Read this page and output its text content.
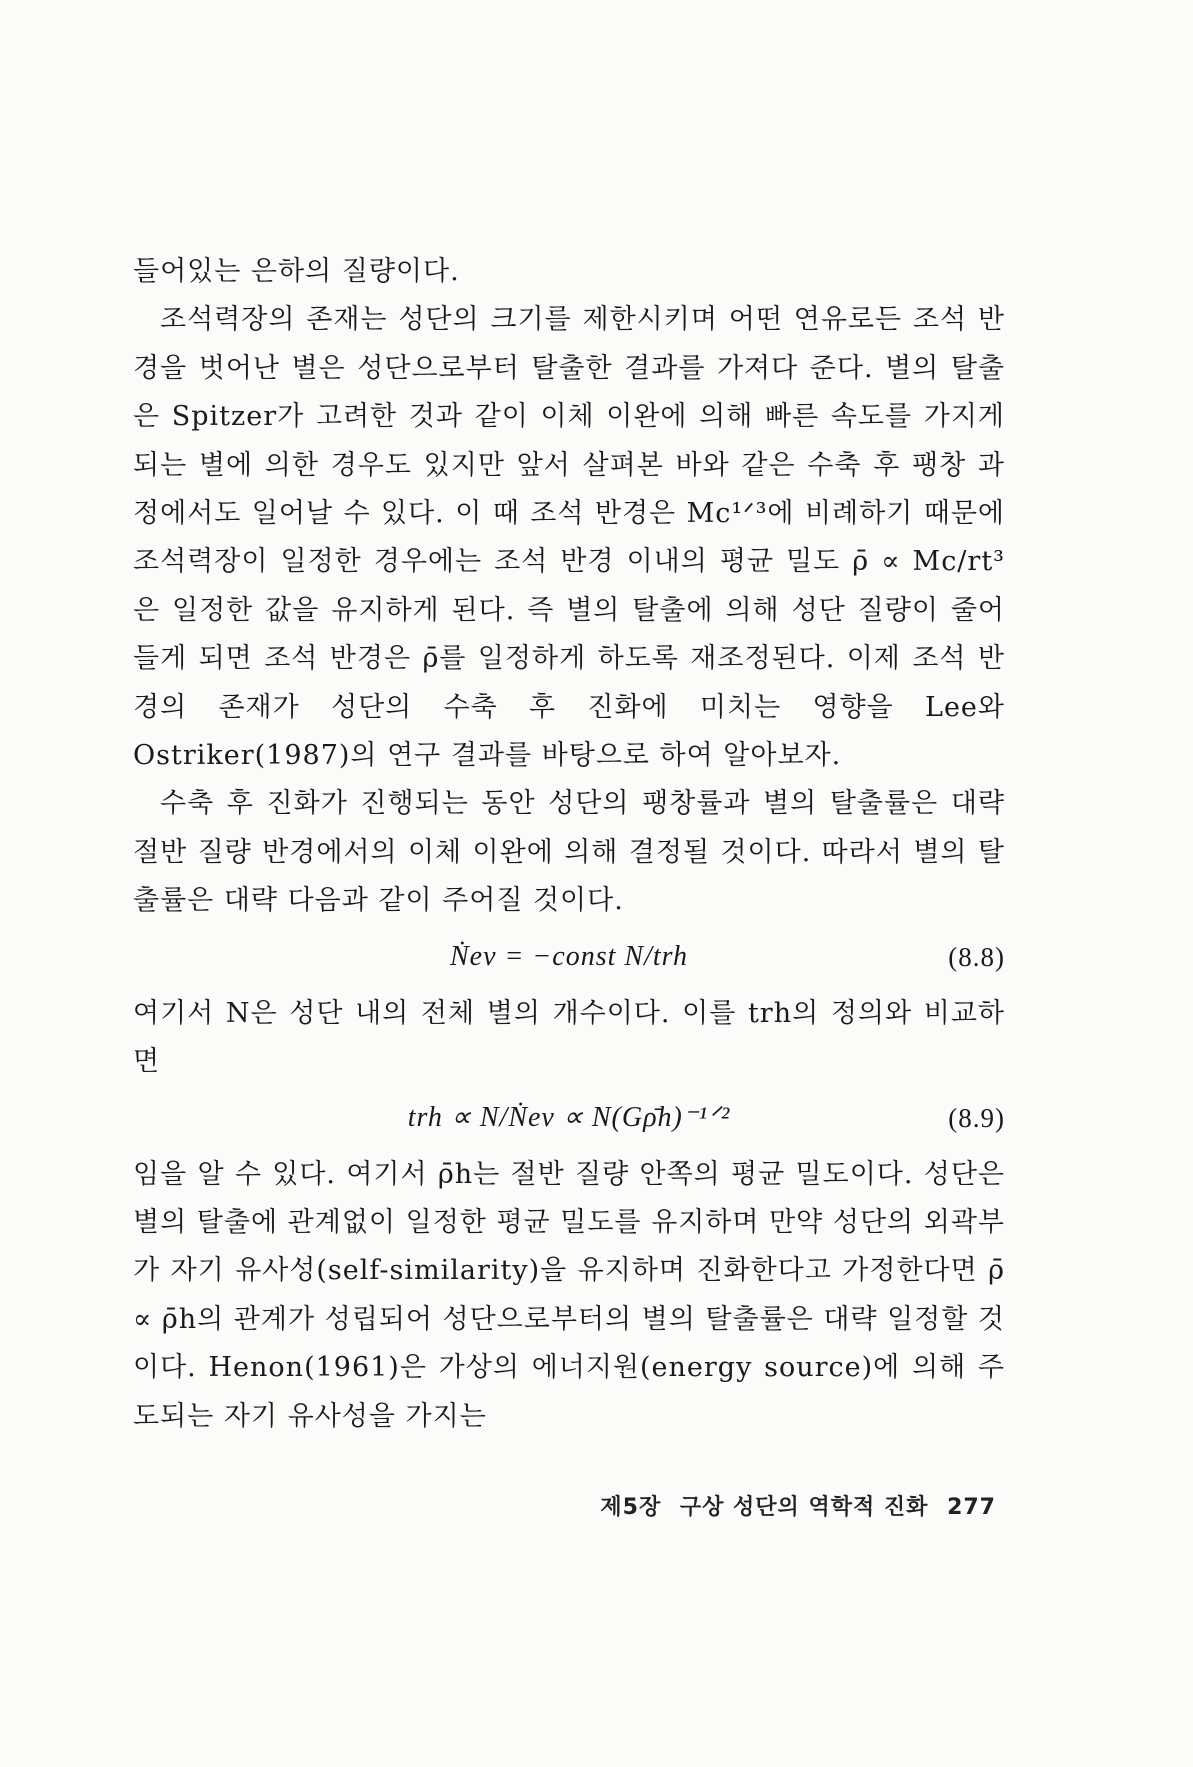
들어있는 은하의 질량이다.

조석력장의 존재는 성단의 크기를 제한시키며 어떤 연유로든 조석 반경을 벗어난 별은 성단으로부터 탈출한 결과를 가져다 준다. 별의 탈출은 Spitzer가 고려한 것과 같이 이체 이완에 의해 빠른 속도를 가지게 되는 별에 의한 경우도 있지만 앞서 살펴본 바와 같은 수축 후 팽창 과정에서도 일어날 수 있다. 이 때 조석 반경은 Mc¹ᐟ³에 비례하기 때문에 조석력장이 일정한 경우에는 조석 반경 이내의 평균 밀도 ρ̄ ∝ Mc/rt³은 일정한 값을 유지하게 된다. 즉 별의 탈출에 의해 성단 질량이 줄어들게 되면 조석 반경은 ρ̄를 일정하게 하도록 재조정된다. 이제 조석 반경의 존재가 성단의 수축 후 진화에 미치는 영향을 Lee와 Ostriker(1987)의 연구 결과를 바탕으로 하여 알아보자.

수축 후 진화가 진행되는 동안 성단의 팽창률과 별의 탈출률은 대략 절반 질량 반경에서의 이체 이완에 의해 결정될 것이다. 따라서 별의 탈출률은 대략 다음과 같이 주어질 것이다.

Ṅev = −const N/trh	(8.8)

여기서 N은 성단 내의 전체 별의 개수이다. 이를 trh의 정의와 비교하면

trh ∝ N/Ṅev ∝ N(Gρ̄h)⁻¹ᐟ²	(8.9)

임을 알 수 있다. 여기서 ρ̄h는 절반 질량 안쪽의 평균 밀도이다. 성단은 별의 탈출에 관계없이 일정한 평균 밀도를 유지하며 만약 성단의 외곽부가 자기 유사성(self-similarity)을 유지하며 진화한다고 가정한다면 ρ̄ ∝ ρ̄h의 관계가 성립되어 성단으로부터의 별의 탈출률은 대략 일정할 것이다. Henon(1961)은 가상의 에너지원(energy source)에 의해 주도되는 자기 유사성을 가지는

제5장 구상 성단의 역학적 진화 277
